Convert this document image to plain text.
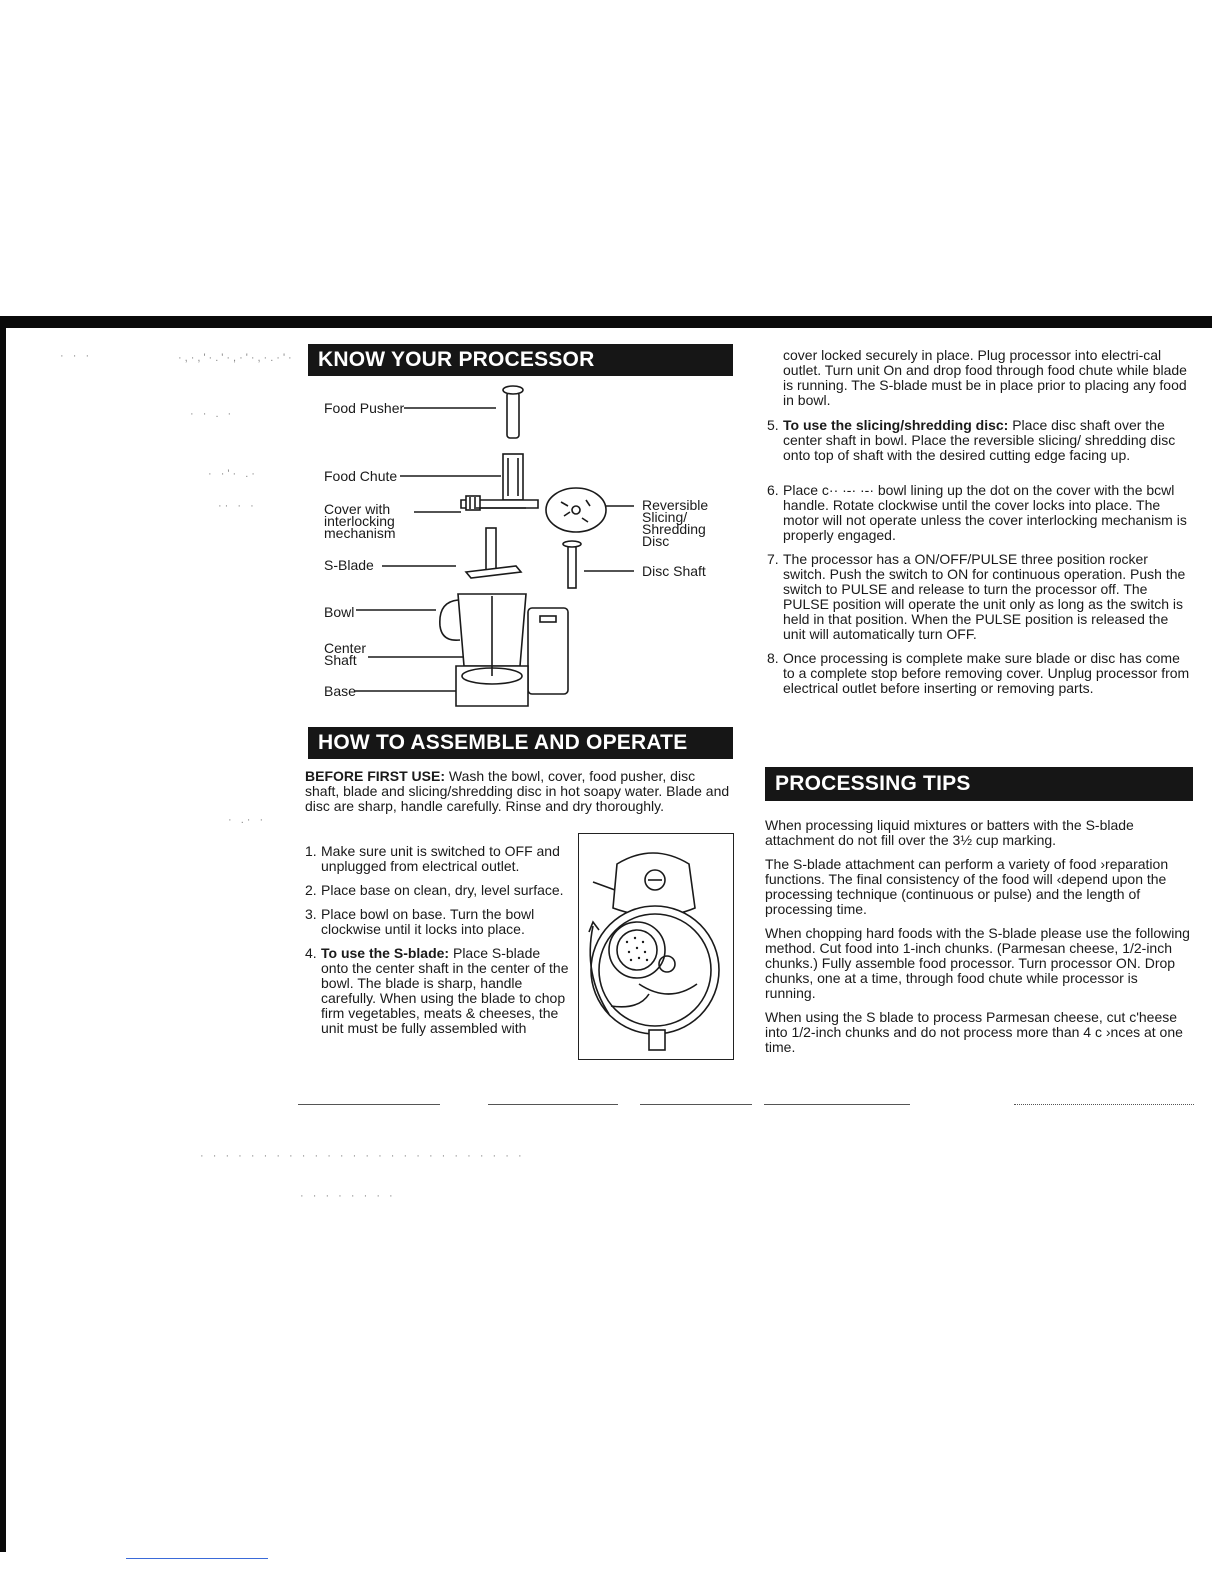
·,·,'·.'·,·'·,·.·'·
· · ·
· · . ·
· ·'· .·
·· · ·
· .· ·
· · · · · · · · · · · · · · · · · · · · · · · · · ·
· · · · · · · ·
KNOW YOUR PROCESSOR
Food Pusher
Food Chute
Cover with
interlocking
mechanism
S-Blade
Bowl
Center
Shaft
Base
Reversible
Slicing/
Shredding
Disc
Disc Shaft
HOW TO ASSEMBLE AND OPERATE
BEFORE FIRST USE: Wash the bowl, cover, food pusher, disc shaft, blade and slicing/shredding disc in hot soapy water. Blade and disc are sharp, handle carefully. Rinse and dry thoroughly.
1. Make sure unit is switched to OFF and unplugged from electrical outlet.

2. Place base on clean, dry, level surface.

3. Place bowl on base. Turn the bowl clockwise until it locks into place.

4. To use the S-blade: Place S-blade onto the center shaft in the center of the bowl. The blade is sharp, handle carefully. When using the blade to chop firm vegetables, meats & cheeses, the unit must be fully assembled with

cover locked securely in place. Plug processor into electri-cal outlet. Turn unit On and drop food through food chute while blade is running. The S-blade must be in place prior to placing any food in bowl.
5. To use the slicing/shredding disc: Place disc shaft over the center shaft in bowl. Place the reversible slicing/ shredding disc onto top of shaft with the desired cutting edge facing up.

6. Place c·· ·-· ·-· bowl lining up the dot on the cover with the bcwl handle. Rotate clockwise until the cover locks into place. The motor will not operate unless the cover interlocking mechanism is properly engaged.

7. The processor has a ON/OFF/PULSE three position rocker switch. Push the switch to ON for continuous operation. Push the switch to PULSE and release to turn the processor off. The PULSE position will operate the unit only as long as the switch is held in that position. When the PULSE position is released the unit will automatically turn OFF.

8. Once processing is complete make sure blade or disc has come to a complete stop before removing cover. Unplug processor from electrical outlet before inserting or removing parts.

PROCESSING TIPS

When processing liquid mixtures or batters with the S-blade attachment do not fill over the 3½ cup marking.

The S-blade attachment can perform a variety of food ›reparation functions. The final consistency of the food will ‹depend upon the processing technique (continuous or pulse) and the length of processing time.

When chopping hard foods with the S-blade please use the following method. Cut food into 1-inch chunks. (Parmesan cheese, 1/2-inch chunks.) Fully assemble food processor. Turn processor ON. Drop chunks, one at a time, through food chute while processor is running.

When using the S blade to process Parmesan cheese, cut c'heese into 1/2-inch chunks and do not process more than 4 c ›nces at one time.
